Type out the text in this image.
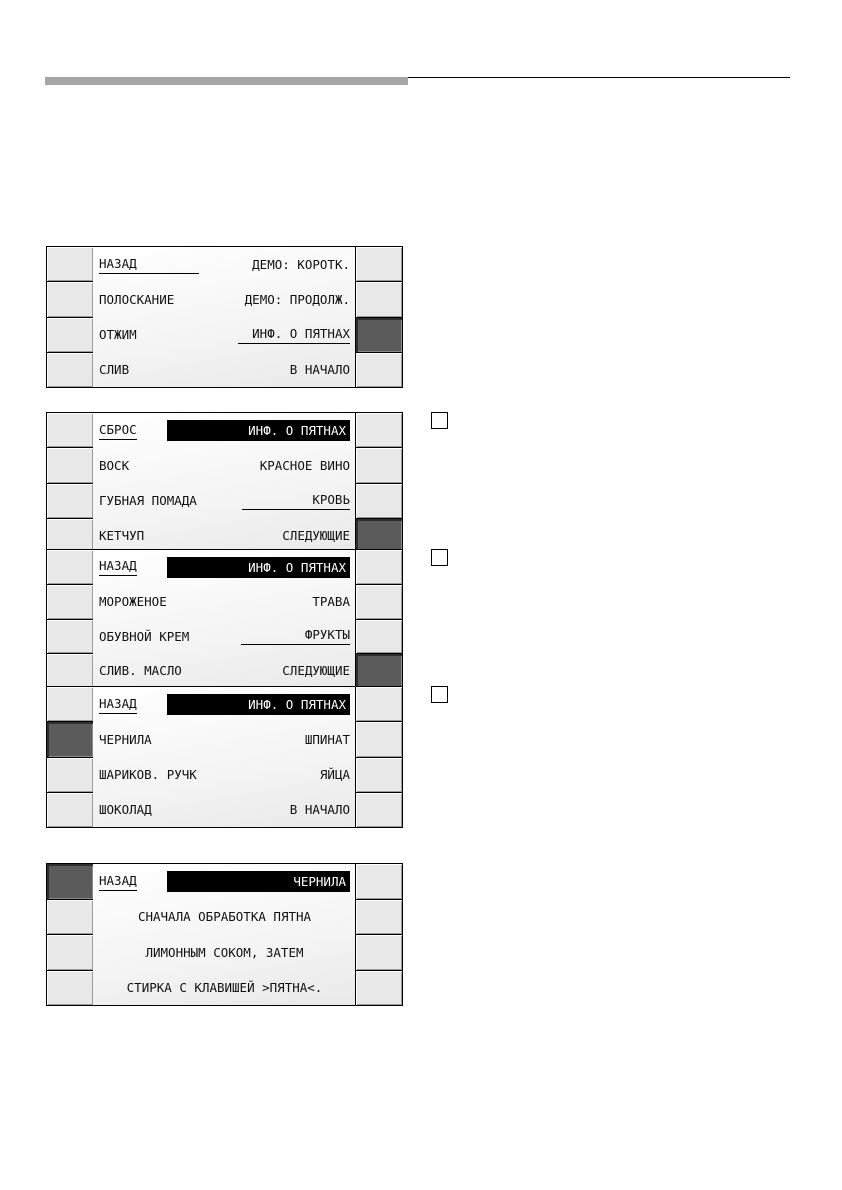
НАЗАД	ДЕМО: КОРОТК.
ПОЛОСКАНИЕ	ДЕМО: ПРОДОЛЖ.
ОТЖИМ	ИНФ. О ПЯТНАХ
СЛИВ	В НАЧАЛО
СБРОС	ИНФ. О ПЯТНАХ
ВОСК	КРАСНОЕ ВИНО
ГУБНАЯ ПОМАДА	КРОВЬ
КЕТЧУП	СЛЕДУЮЩИЕ
НАЗАД	ИНФ. О ПЯТНАХ
МОРОЖЕНОЕ	ТРАВА
ОБУВНОЙ КРЕМ	ФРУКТЫ
СЛИВ. МАСЛО	СЛЕДУЮЩИЕ
НАЗАД	ИНФ. О ПЯТНАХ
ЧЕРНИЛА	ШПИНАТ
ШАРИКОВ. РУЧК	ЯЙЦА
ШОКОЛАД	В НАЧАЛО
НАЗАД	ЧЕРНИЛА
СНАЧАЛА ОБРАБОТКА ПЯТНА
ЛИМОННЫМ СОКОМ, ЗАТЕМ
СТИРКА С КЛАВИШЕЙ >ПЯТНА<.
